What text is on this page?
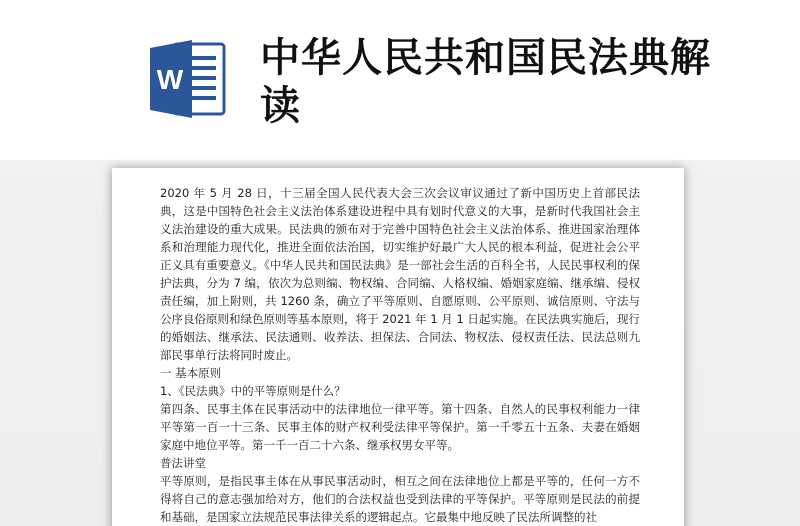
W 中华人民共和国民法典解读

2020 年 5 月 28 日，十三届全国人民代表大会三次会议审议通过了新中国历史上首部民法典，这是中国特色社会主义法治体系建设进程中具有划时代意义的大事，是新时代我国社会主义法治建设的重大成果。民法典的颁布对于完善中国特色社会主义法治体系、推进国家治理体系和治理能力现代化，推进全面依法治国，切实维护好最广大人民的根本利益，促进社会公平正义具有重要意义。《中华人民共和国民法典》是一部社会生活的百科全书，人民民事权利的保护法典，分为 7 编，依次为总则编、物权编、合同编、人格权编、婚姻家庭编、继承编、侵权责任编，加上附则，共 1260 条，确立了平等原则、自愿原则、公平原则、诚信原则、守法与公序良俗原则和绿色原则等基本原则，将于 2021 年 1 月 1 日起实施。在民法典实施后，现行的婚姻法、继承法、民法通则、收养法、担保法、合同法、物权法、侵权责任法、民法总则九部民事单行法将同时废止。

一 基本原则

1、《民法典》中的平等原则是什么？

第四条、民事主体在民事活动中的法律地位一律平等。第十四条、自然人的民事权利能力一律平等第一百一十三条、民事主体的财产权利受法律平等保护。第一千零五十五条、夫妻在婚姻家庭中地位平等。第一千一百二十六条、继承权男女平等。

普法讲堂

平等原则，是指民事主体在从事民事活动时，相互之间在法律地位上都是平等的，任何一方不得将自己的意志强加给对方，他们的合法权益也受到法律的平等保护。平等原则是民法的前提和基础，是国家立法规范民事法律关系的逻辑起点。它最集中地反映了民法所调整的社
